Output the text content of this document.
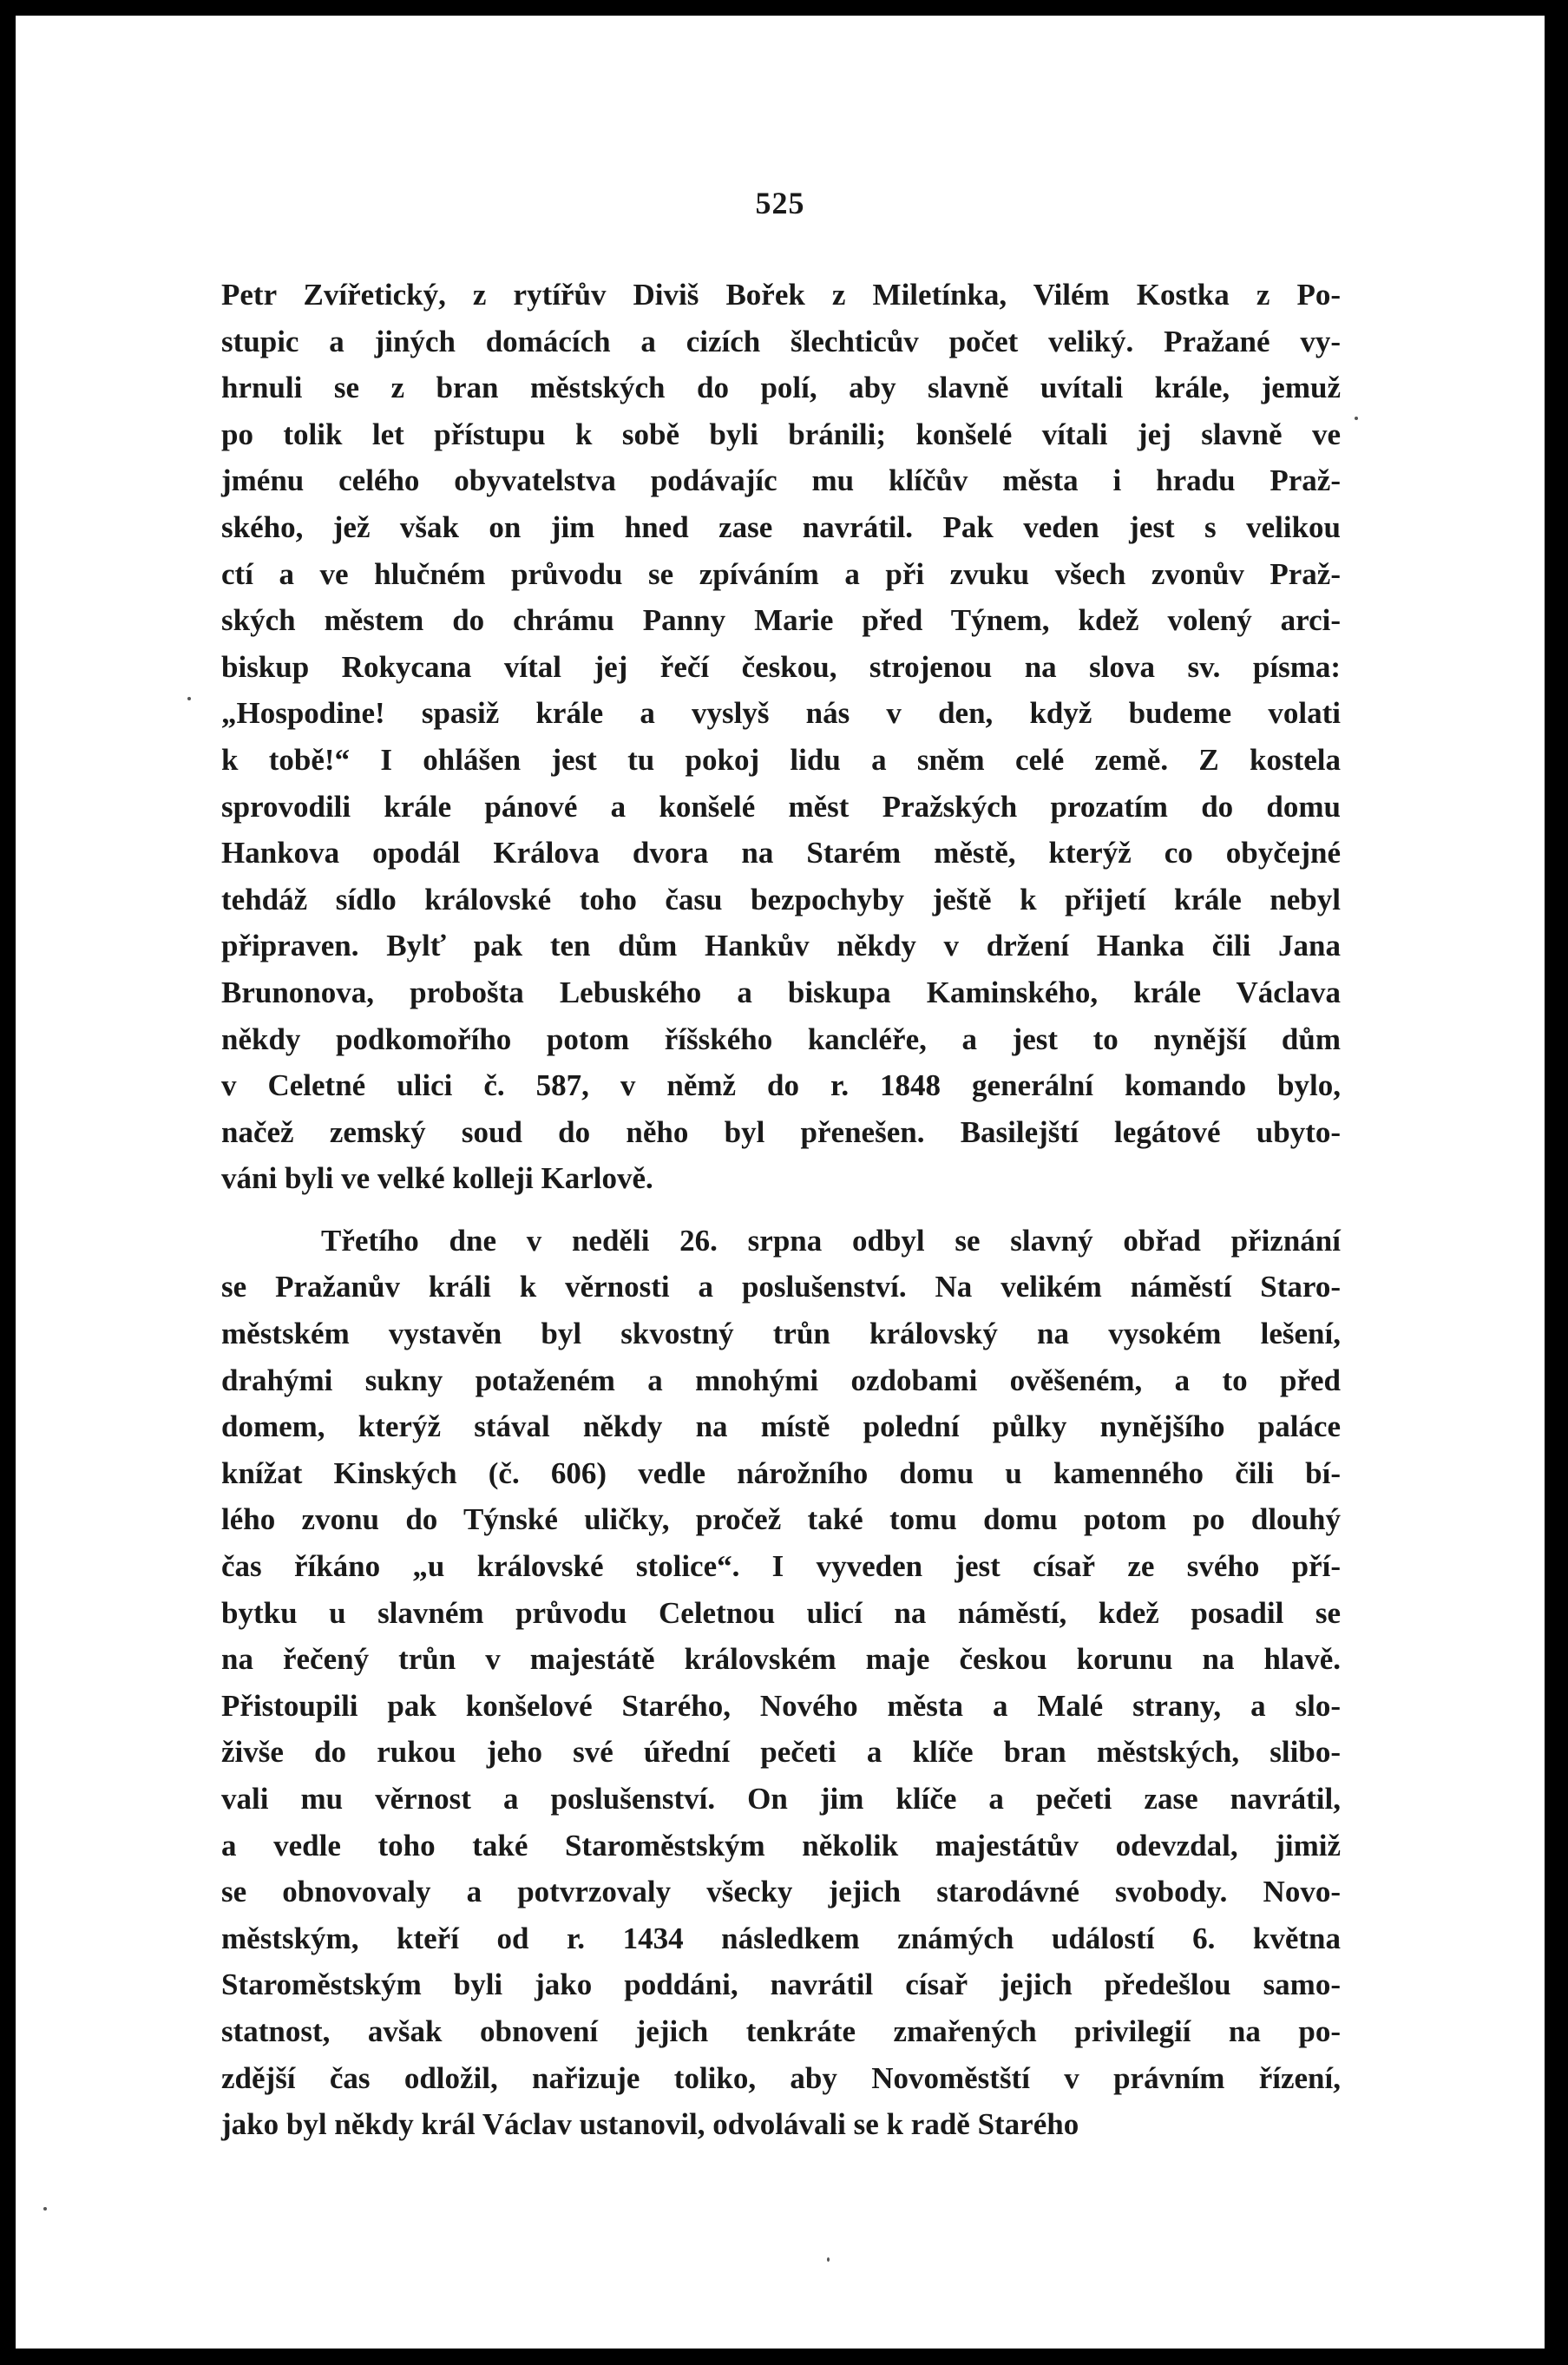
525
Petr Zvířetický, z rytířův Diviš Bořek z Miletínka, Vilém Kostka z Po-
stupic a jiných domácích a cizích šlechticův počet veliký. Pražané vy-
hrnuli se z bran městských do polí, aby slavně uvítali krále, jemuž
po tolik let přístupu k sobě byli bránili; konšelé vítali jej slavně ve
jménu celého obyvatelstva podávajíc mu klíčův města i hradu Praž-
ského, jež však on jim hned zase navrátil. Pak veden jest s velikou
ctí a ve hlučném průvodu se zpíváním a při zvuku všech zvonův Praž-
ských městem do chrámu Panny Marie před Týnem, kdež volený arci-
biskup Rokycana vítal jej řečí českou, strojenou na slova sv. písma:
„Hospodine! spasiž krále a vyslyš nás v den, když budeme volati
k tobě!“ I ohlášen jest tu pokoj lidu a sněm celé země. Z kostela
sprovodili krále pánové a konšelé měst Pražských prozatím do domu
Hankova opodál Králova dvora na Starém městě, kterýž co obyčejné
tehdáž sídlo královské toho času bezpochyby ještě k přijetí krále nebyl
připraven. Bylť pak ten dům Hankův někdy v držení Hanka čili Jana
Brunonova, probošta Lebuského a biskupa Kaminského, krále Václava
někdy podkomořího potom říšského kancléře, a jest to nynější dům
v Celetné ulici č. 587, v němž do r. 1848 generální komando bylo,
načež zemský soud do něho byl přenešen. Basilejští legátové ubyto-
váni byli ve velké kolleji Karlově.
Třetího dne v neděli 26. srpna odbyl se slavný obřad přiznání
se Pražanův králi k věrnosti a poslušenství. Na velikém náměstí Staro-
městském vystavěn byl skvostný trůn královský na vysokém lešení,
drahými sukny potaženém a mnohými ozdobami ověšeném, a to před
domem, kterýž stával někdy na místě polední půlky nynějšího paláce
knížat Kinských (č. 606) vedle nárožního domu u kamenného čili bí-
lého zvonu do Týnské uličky, pročež také tomu domu potom po dlouhý
čas říkáno „u královské stolice“. I vyveden jest císař ze svého pří-
bytku u slavném průvodu Celetnou ulicí na náměstí, kdež posadil se
na řečený trůn v majestátě královském maje českou korunu na hlavě.
Přistoupili pak konšelové Starého, Nového města a Malé strany, a slo-
živše do rukou jeho své úřední pečeti a klíče bran městských, slibo-
vali mu věrnost a poslušenství. On jim klíče a pečeti zase navrátil,
a vedle toho také Staroměstským několik majestátův odevzdal, jimiž
se obnovovaly a potvrzovaly všecky jejich starodávné svobody. Novo-
městským, kteří od r. 1434 následkem známých událostí 6. května
Staroměstským byli jako poddáni, navrátil císař jejich předešlou samo-
statnost, avšak obnovení jejich tenkráte zmařených privilegií na po-
zdější čas odložil, nařizuje toliko, aby Novoměstští v právním řízení,
jako byl někdy král Václav ustanovil, odvolávali se k radě Starého
